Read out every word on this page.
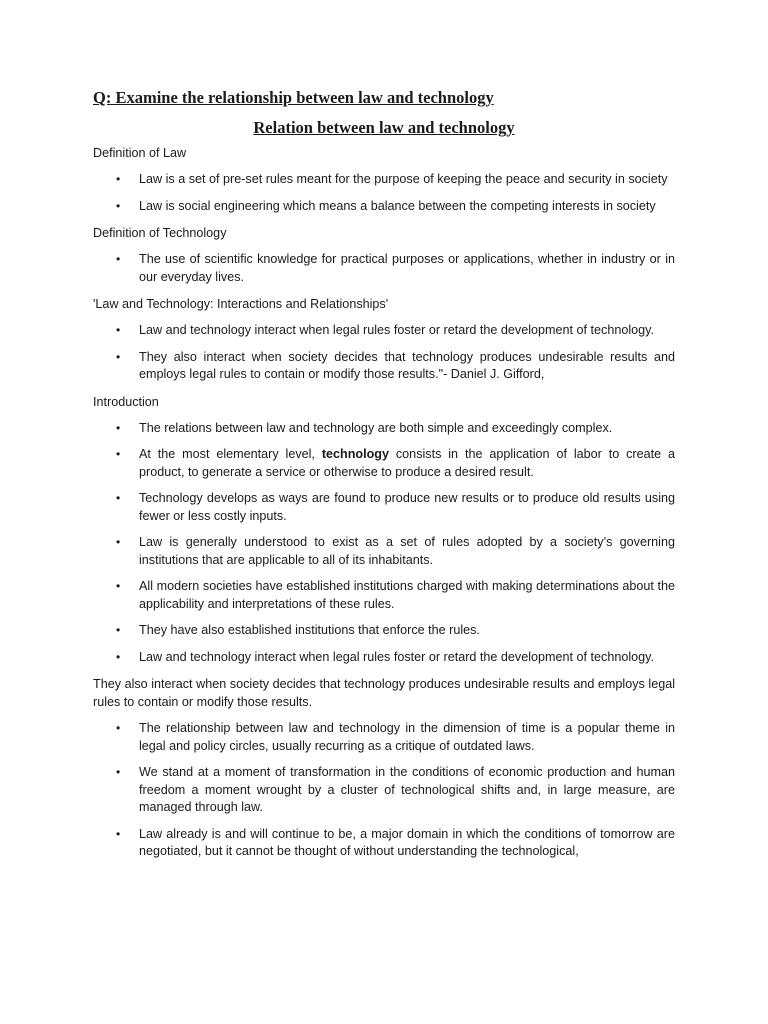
Q: Examine the relationship between law and technology

Relation between law and technology

Definition of Law

• Law is a set of pre-set rules meant for the purpose of keeping the peace and security in society
• Law is social engineering which means a balance between the competing interests in society

Definition of Technology

• The use of scientific knowledge for practical purposes or applications, whether in industry or in our everyday lives.

'Law and Technology: Interactions and Relationships'

• Law and technology interact when legal rules foster or retard the development of technology.
• They also interact when society decides that technology produces undesirable results and employs legal rules to contain or modify those results."- Daniel J. Gifford,

Introduction

• The relations between law and technology are both simple and exceedingly complex.
• At the most elementary level, technology consists in the application of labor to create a product, to generate a service or otherwise to produce a desired result.
• Technology develops as ways are found to produce new results or to produce old results using fewer or less costly inputs.
• Law is generally understood to exist as a set of rules adopted by a society’s governing institutions that are applicable to all of its inhabitants.
• All modern societies have established institutions charged with making determinations about the applicability and interpretations of these rules.
• They have also established institutions that enforce the rules.
• Law and technology interact when legal rules foster or retard the development of technology.

They also interact when society decides that technology produces undesirable results and employs legal rules to contain or modify those results.

• The relationship between law and technology in the dimension of time is a popular theme in legal and policy circles, usually recurring as a critique of outdated laws.
• We stand at a moment of transformation in the conditions of economic production and human freedom a moment wrought by a cluster of technological shifts and, in large measure, are managed through law.
• Law already is and will continue to be, a major domain in which the conditions of tomorrow are negotiated, but it cannot be thought of without understanding the technological,
